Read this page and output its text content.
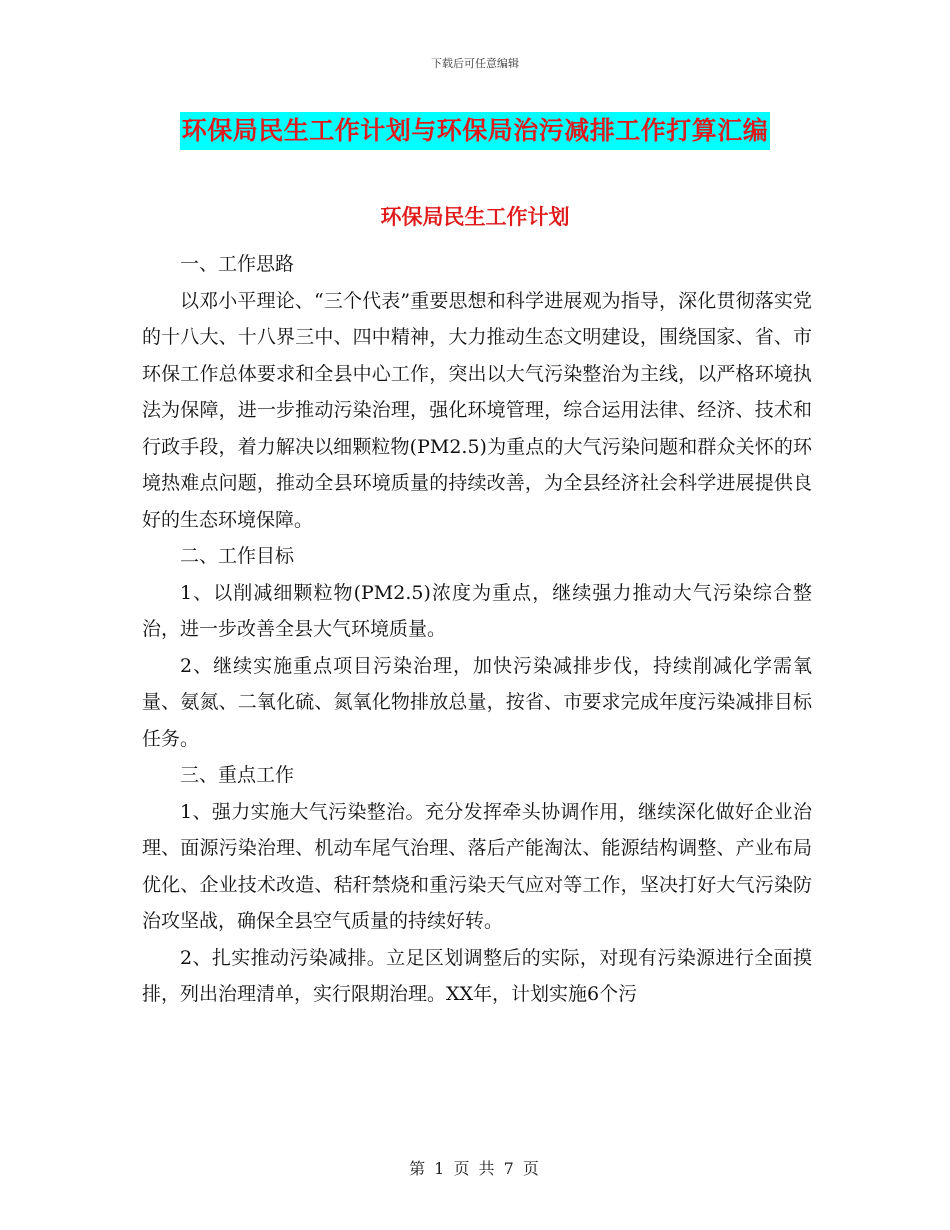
下载后可任意编辑
环保局民生工作计划与环保局治污减排工作打算汇编
环保局民生工作计划

一、工作思路

以邓小平理论、“三个代表”重要思想和科学进展观为指导，深化贯彻落实党的十八大、十八界三中、四中精神，大力推动生态文明建设，围绕国家、省、市环保工作总体要求和全县中心工作，突出以大气污染整治为主线，以严格环境执法为保障，进一步推动污染治理，强化环境管理，综合运用法律、经济、技术和行政手段，着力解决以细颗粒物(PM2.5)为重点的大气污染问题和群众关怀的环境热难点问题，推动全县环境质量的持续改善，为全县经济社会科学进展提供良好的生态环境保障。

二、工作目标

1、以削减细颗粒物(PM2.5)浓度为重点，继续强力推动大气污染综合整治，进一步改善全县大气环境质量。

2、继续实施重点项目污染治理，加快污染减排步伐，持续削减化学需氧量、氨氮、二氧化硫、氮氧化物排放总量，按省、市要求完成年度污染减排目标任务。

三、重点工作

1、强力实施大气污染整治。充分发挥牵头协调作用，继续深化做好企业治理、面源污染治理、机动车尾气治理、落后产能淘汰、能源结构调整、产业布局优化、企业技术改造、秸秆禁烧和重污染天气应对等工作，坚决打好大气污染防治攻坚战，确保全县空气质量的持续好转。

2、扎实推动污染减排。立足区划调整后的实际，对现有污染源进行全面摸排，列出治理清单，实行限期治理。XX年，计划实施6个污

第 1 页 共 7 页
